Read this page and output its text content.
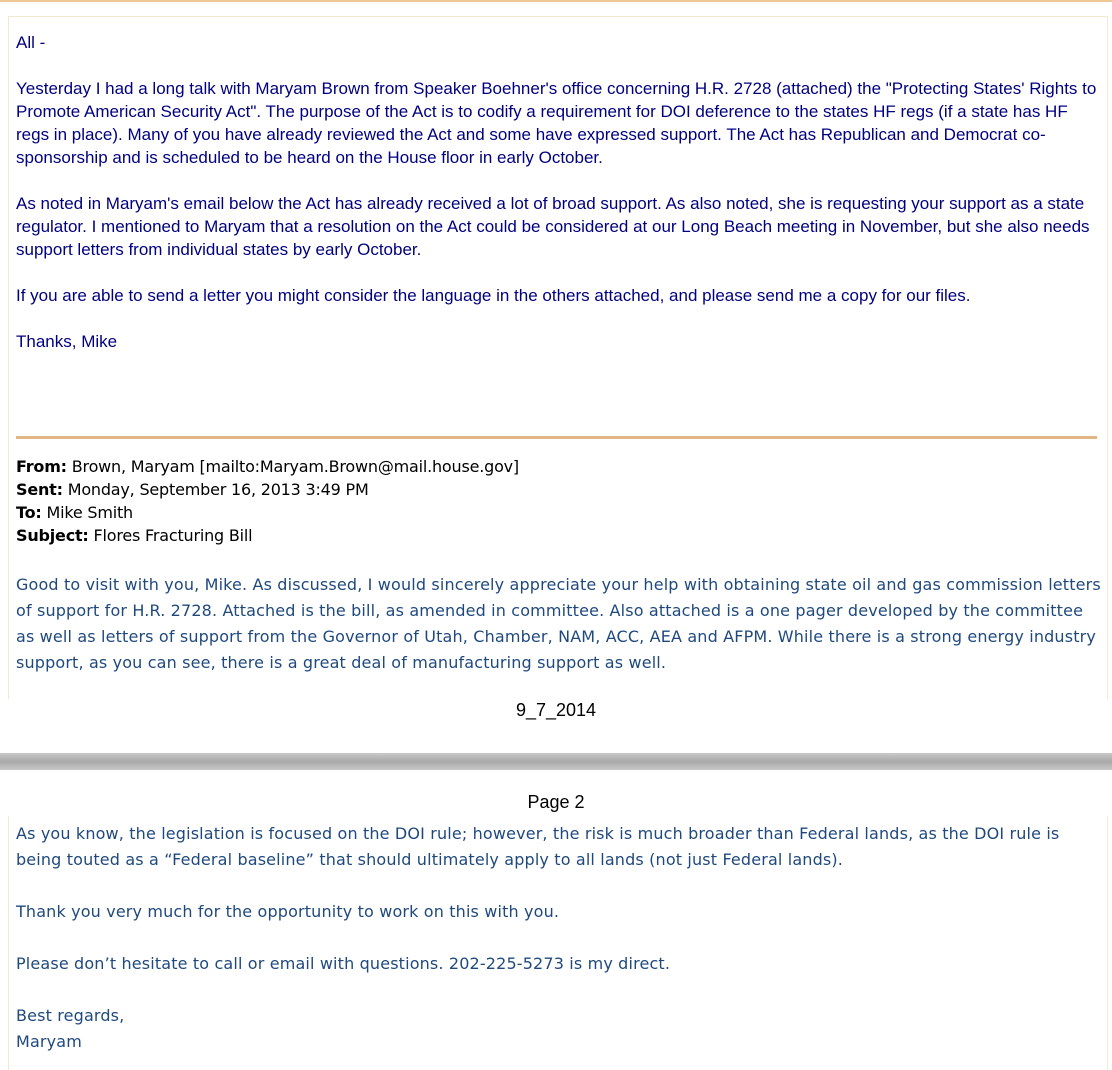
All -

Yesterday I had a long talk with Maryam Brown from Speaker Boehner's office concerning H.R. 2728 (attached) the "Protecting States' Rights to Promote American Security Act". The purpose of the Act is to codify a requirement for DOI deference to the states HF regs (if a state has HF regs in place). Many of you have already reviewed the Act and some have expressed support. The Act has Republican and Democrat co-sponsorship and is scheduled to be heard on the House floor in early October.

As noted in Maryam's email below the Act has already received a lot of broad support. As also noted, she is requesting your support as a state regulator. I mentioned to Maryam that a resolution on the Act could be considered at our Long Beach meeting in November, but she also needs support letters from individual states by early October.

If you are able to send a letter you might consider the language in the others attached, and please send me a copy for our files.

Thanks, Mike

From: Brown, Maryam [mailto:Maryam.Brown@mail.house.gov]
Sent: Monday, September 16, 2013 3:49 PM
To: Mike Smith
Subject: Flores Fracturing Bill
Good to visit with you, Mike. As discussed, I would sincerely appreciate your help with obtaining state oil and gas commission letters of support for H.R. 2728. Attached is the bill, as amended in committee. Also attached is a one pager developed by the committee as well as letters of support from the Governor of Utah, Chamber, NAM, ACC, AEA and AFPM. While there is a strong energy industry support, as you can see, there is a great deal of manufacturing support as well.
9_7_2014
Page 2

As you know, the legislation is focused on the DOI rule; however, the risk is much broader than Federal lands, as the DOI rule is being touted as a “Federal baseline” that should ultimately apply to all lands (not just Federal lands).

Thank you very much for the opportunity to work on this with you.

Please don’t hesitate to call or email with questions. 202-225-5273 is my direct.

Best regards,
Maryam
